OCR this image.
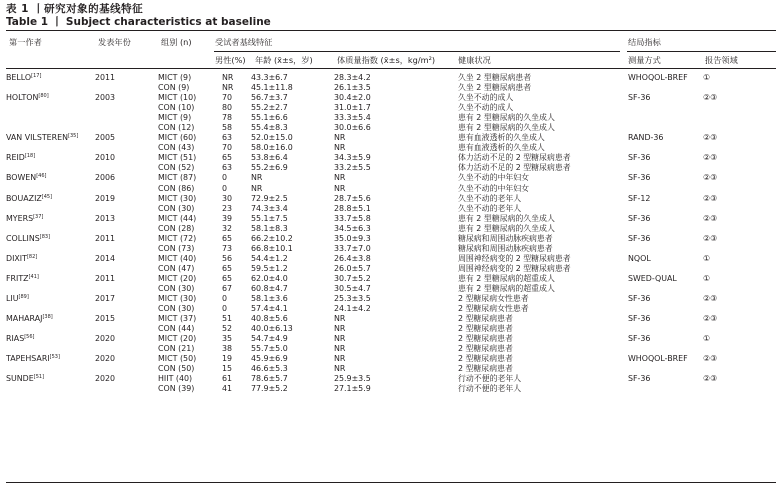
表 1 丨研究对象的基线特征
Table 1 丨 Subject characteristics at baseline
第一作者	发表年份	组别 (n)	受试者基线特征	结局指标
男性(%) 年龄 (x̄±s，岁)	体质量指数 (x̄±s，kg/m²)	健康状况	测量方式	报告领域
BELLO[17]	2011	MICT (9)	NR	43.3±6.7	28.3±4.2	久坐 2 型糖尿病患者	WHOQOL-BREF	①
		CON (9)	NR	45.1±11.8	26.1±3.5	久坐 2 型糖尿病患者		
HOLTON[80]	2003	MICT (10)	70	56.7±3.7	30.4±2.0	久坐不动的成人	SF-36	②③
		CON (10)	80	55.2±2.7	31.0±1.7	久坐不动的成人		
		MICT (9)	78	55.1±6.6	33.3±5.4	患有 2 型糖尿病的久坐成人		
		CON (12)	58	55.4±8.3	30.0±6.6	患有 2 型糖尿病的久坐成人		
VAN VILSTEREN[35]	2005	MICT (60)	63	52.0±15.0	NR	患有血液透析的久坐成人	RAND-36	②③
		CON (43)	70	58.0±16.0	NR	患有血液透析的久坐成人		
REID[18]	2010	MICT (51)	65	53.8±6.4	34.3±5.9	体力活动不足的 2 型糖尿病患者	SF-36	②③
		CON (52)	63	55.2±6.9	33.2±5.5	体力活动不足的 2 型糖尿病患者		
BOWEN[46]	2006	MICT (87)	0	NR	NR	久坐不动的中年妇女	SF-36	②③
		CON (86)	0	NR	NR	久坐不动的中年妇女		
BOUAZIZ[45]	2019	MICT (30)	30	72.9±2.5	28.7±5.6	久坐不动的老年人	SF-12	②③
		CON (30)	23	74.3±3.4	28.8±5.1	久坐不动的老年人		
MYERS[37]	2013	MICT (44)	39	55.1±7.5	33.7±5.8	患有 2 型糖尿病的久坐成人	SF-36	②③
		CON (28)	32	58.1±8.3	34.5±6.3	患有 2 型糖尿病的久坐成人		
COLLINS[83]	2011	MICT (72)	65	66.2±10.2	35.0±9.3	糖尿病和周围动脉疾病患者	SF-36	②③
		CON (73)	73	66.8±10.1	33.7±7.0	糖尿病和周围动脉疾病患者		
DIXIT[82]	2014	MICT (40)	56	54.4±1.2	26.4±3.8	周围神经病变的 2 型糖尿病患者	NQOL	①
		CON (47)	65	59.5±1.2	26.0±5.7	周围神经病变的 2 型糖尿病患者		
FRITZ[41]	2011	MICT (20)	65	62.0±4.0	30.7±5.2	患有 2 型糖尿病的超重成人	SWED-QUAL	①
		CON (30)	67	60.8±4.7	30.5±4.7	患有 2 型糖尿病的超重成人		
LIU[89]	2017	MICT (30)	0	58.1±3.6	25.3±3.5	2 型糖尿病女性患者	SF-36	②③
		CON (30)	0	57.4±4.1	24.1±4.2	2 型糖尿病女性患者		
MAHARAJ[38]	2015	MICT (37)	51	40.8±5.6	NR	2 型糖尿病患者	SF-36	②③
		CON (44)	52	40.0±6.13	NR	2 型糖尿病患者		
RIAS[56]	2020	MICT (20)	35	54.7±4.9	NR	2 型糖尿病患者	SF-36	①
		CON (21)	38	55.7±5.0	NR	2 型糖尿病患者		
TAPEHSARI[53]	2020	MICT (50)	19	45.9±6.9	NR	2 型糖尿病患者	WHOQOL-BREF	②③
		CON (50)	15	46.6±5.3	NR	2 型糖尿病患者		
SUNDE[51]	2020	HIIT (40)	61	78.6±5.7	25.9±3.5	行动不便的老年人	SF-36	②③
		CON (39)	41	77.9±5.2	27.1±5.9	行动不便的老年人		
